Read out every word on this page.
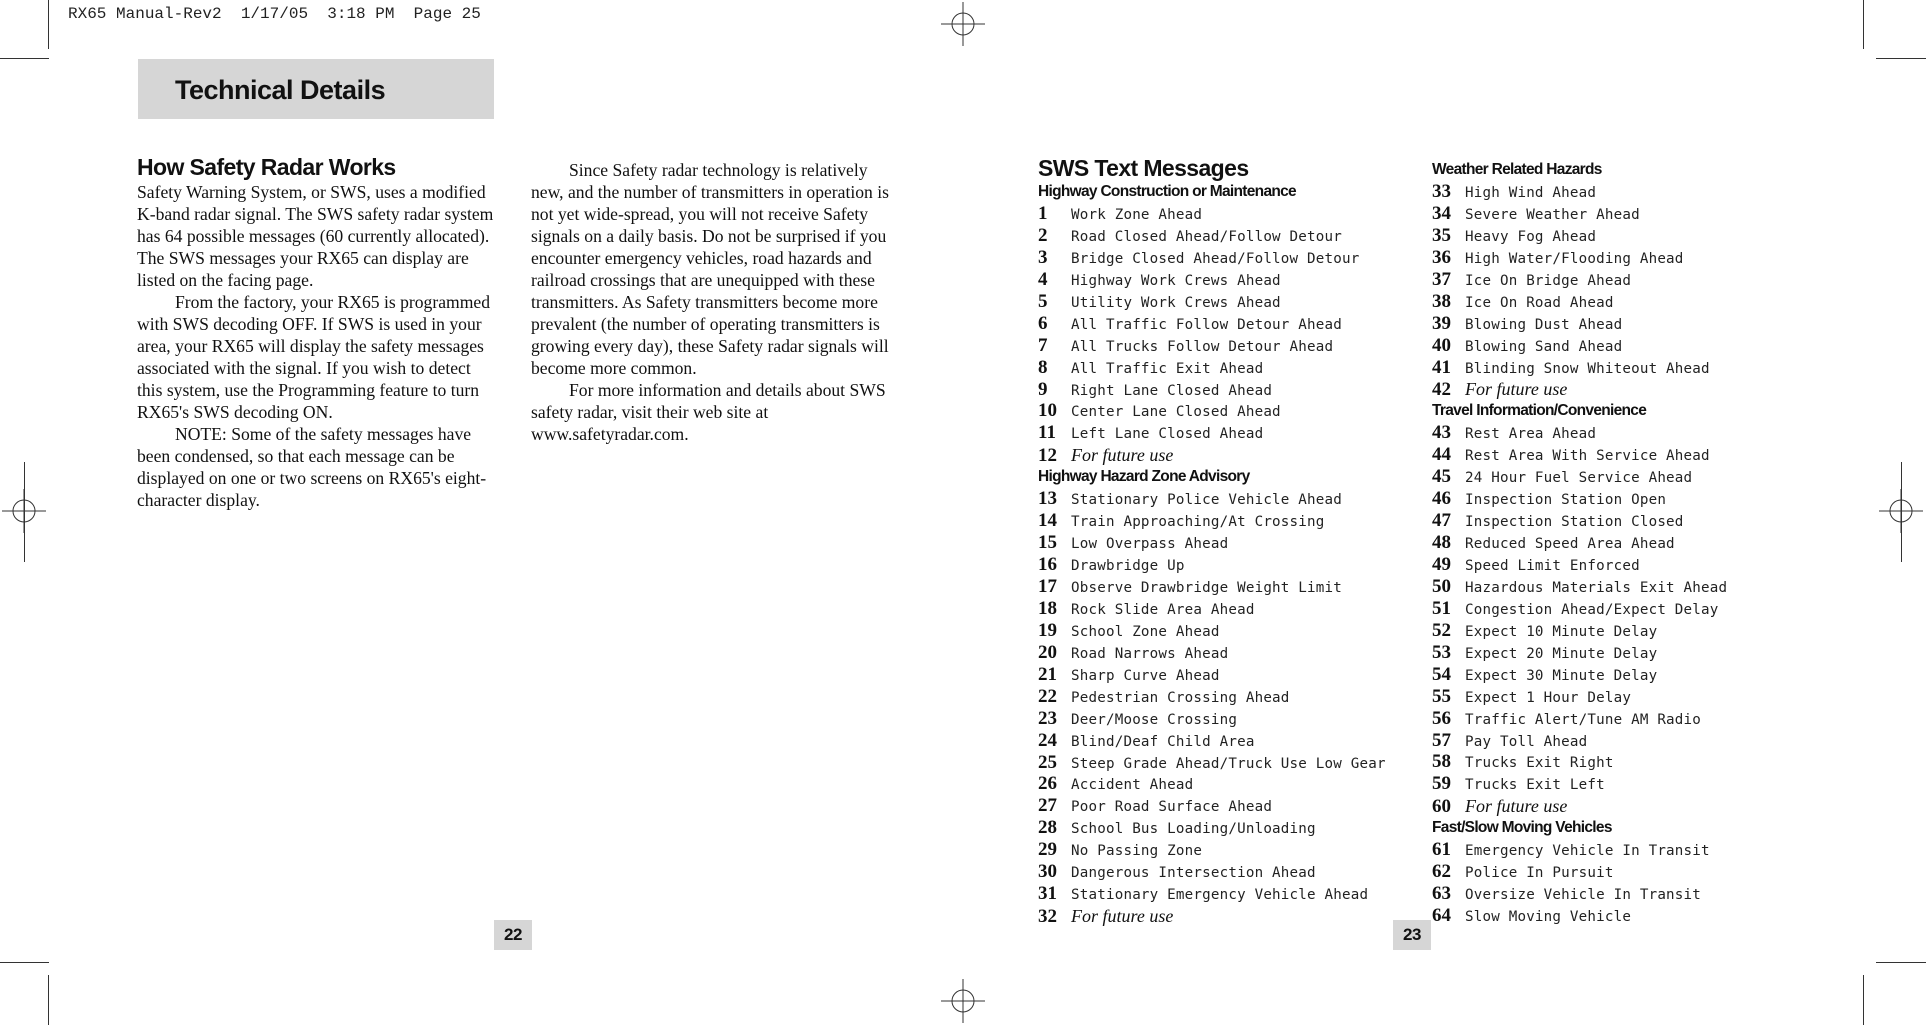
RX65 Manual-Rev2  1/17/05  3:18 PM  Page 25
Technical Details
How Safety Radar Works

Safety Warning System, or SWS, uses a modified K-band radar signal. The SWS safety radar system has 64 possible messages (60 currently allocated). The SWS messages your RX65 can display are listed on the facing page.

From the factory, your RX65 is programmed with SWS decoding OFF. If SWS is used in your area, your RX65 will display the safety messages associated with the signal. If you wish to detect this system, use the Programming feature to turn RX65's SWS decoding ON.

NOTE: Some of the safety messages have been condensed, so that each message can be displayed on one or two screens on RX65's eight-character display.

Since Safety radar technology is relatively new, and the number of transmitters in operation is not yet wide-spread, you will not receive Safety signals on a daily basis. Do not be surprised if you encounter emergency vehicles, road hazards and railroad crossings that are unequipped with these transmitters. As Safety transmitters become more prevalent (the number of operating transmitters is growing every day), these Safety radar signals will become more common.

For more information and details about SWS safety radar, visit their web site at www.safetyradar.com.

22
SWS Text Messages
Highway Construction or Maintenance
1	Work Zone Ahead
2	Road Closed Ahead/Follow Detour
3	Bridge Closed Ahead/Follow Detour
4	Highway Work Crews Ahead
5	Utility Work Crews Ahead
6	All Traffic Follow Detour Ahead
7	All Trucks Follow Detour Ahead
8	All Traffic Exit Ahead
9	Right Lane Closed Ahead
10 Center Lane Closed Ahead
11	Left Lane Closed Ahead
12 For future use
Highway Hazard Zone Advisory
13 Stationary Police Vehicle Ahead
14 Train Approaching/At Crossing
15 Low Overpass Ahead
16 Drawbridge Up
17 Observe Drawbridge Weight Limit
18 Rock Slide Area Ahead
19 School Zone Ahead
20 Road Narrows Ahead
21 Sharp Curve Ahead
22 Pedestrian Crossing Ahead
23 Deer/Moose Crossing
24 Blind/Deaf Child Area
25 Steep Grade Ahead/Truck Use Low Gear
26 Accident Ahead
27 Poor Road Surface Ahead
28 School Bus Loading/Unloading
29 No Passing Zone
30 Dangerous Intersection Ahead
31 Stationary Emergency Vehicle Ahead
32 For future use
Weather Related Hazards
33 High Wind Ahead
34 Severe Weather Ahead
35 Heavy Fog Ahead
36 High Water/Flooding Ahead
37 Ice On Bridge Ahead
38 Ice On Road Ahead
39 Blowing Dust Ahead
40 Blowing Sand Ahead
41 Blinding Snow Whiteout Ahead
42 For future use
Travel Information/Convenience
43 Rest Area Ahead
44 Rest Area With Service Ahead
45 24 Hour Fuel Service Ahead
46 Inspection Station Open
47 Inspection Station Closed
48 Reduced Speed Area Ahead
49 Speed Limit Enforced
50 Hazardous Materials Exit Ahead
51 Congestion Ahead/Expect Delay
52 Expect 10 Minute Delay
53 Expect 20 Minute Delay
54 Expect 30 Minute Delay
55 Expect 1 Hour Delay
56 Traffic Alert/Tune AM Radio
57 Pay Toll Ahead
58 Trucks Exit Right
59 Trucks Exit Left
60 For future use
Fast/Slow Moving Vehicles
61 Emergency Vehicle In Transit
62 Police In Pursuit
63 Oversize Vehicle In Transit
64 Slow Moving Vehicle
23
